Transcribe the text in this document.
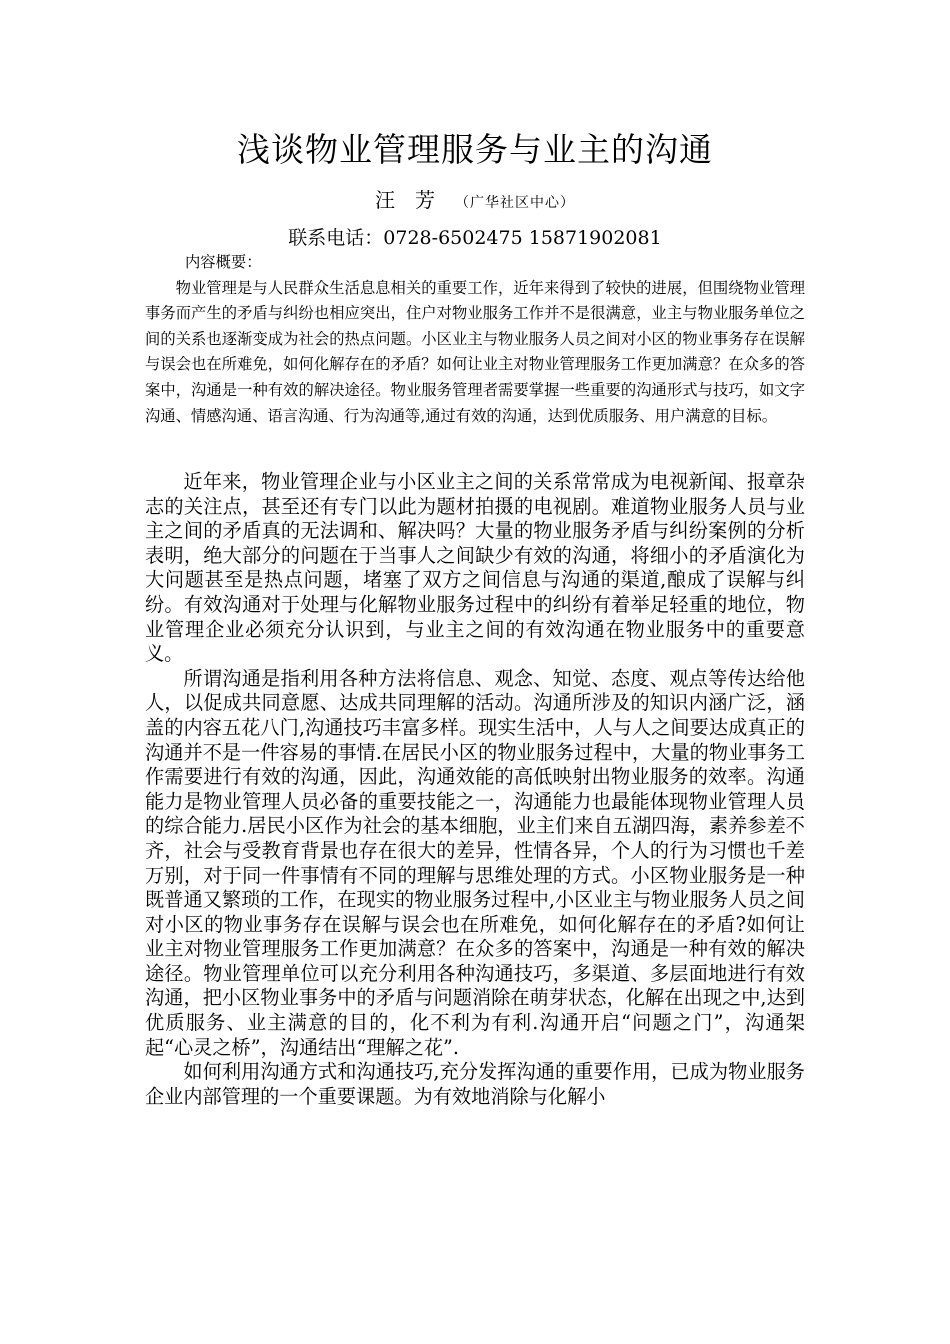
浅谈物业管理服务与业主的沟通
汪芳（广华社区中心）
联系电话：0728-6502475 15871902081
内容概要：

物业管理是与人民群众生活息息相关的重要工作，近年来得到了较快的进展，但围绕物业管理事务而产生的矛盾与纠纷也相应突出，住户对物业服务工作并不是很满意，业主与物业服务单位之间的关系也逐渐变成为社会的热点问题。小区业主与物业服务人员之间对小区的物业事务存在误解与误会也在所难免，如何化解存在的矛盾？如何让业主对物业管理服务工作更加满意？在众多的答案中，沟通是一种有效的解决途径。物业服务管理者需要掌握一些重要的沟通形式与技巧，如文字沟通、情感沟通、语言沟通、行为沟通等,通过有效的沟通，达到优质服务、用户满意的目标。

近年来，物业管理企业与小区业主之间的关系常常成为电视新闻、报章杂志的关注点，甚至还有专门以此为题材拍摄的电视剧。难道物业服务人员与业主之间的矛盾真的无法调和、解决吗？大量的物业服务矛盾与纠纷案例的分析表明，绝大部分的问题在于当事人之间缺少有效的沟通，将细小的矛盾演化为大问题甚至是热点问题，堵塞了双方之间信息与沟通的渠道,酿成了误解与纠纷。有效沟通对于处理与化解物业服务过程中的纠纷有着举足轻重的地位，物业管理企业必须充分认识到，与业主之间的有效沟通在物业服务中的重要意义。

所谓沟通是指利用各种方法将信息、观念、知觉、态度、观点等传达给他人，以促成共同意愿、达成共同理解的活动。沟通所涉及的知识内涵广泛，涵盖的内容五花八门,沟通技巧丰富多样。现实生活中，人与人之间要达成真正的沟通并不是一件容易的事情.在居民小区的物业服务过程中，大量的物业事务工作需要进行有效的沟通，因此，沟通效能的高低映射出物业服务的效率。沟通能力是物业管理人员必备的重要技能之一，沟通能力也最能体现物业管理人员的综合能力.居民小区作为社会的基本细胞，业主们来自五湖四海，素养参差不齐，社会与受教育背景也存在很大的差异，性情各异，个人的行为习惯也千差万别，对于同一件事情有不同的理解与思维处理的方式。小区物业服务是一种既普通又繁琐的工作，在现实的物业服务过程中,小区业主与物业服务人员之间对小区的物业事务存在误解与误会也在所难免，如何化解存在的矛盾?如何让业主对物业管理服务工作更加满意？在众多的答案中，沟通是一种有效的解决途径。物业管理单位可以充分利用各种沟通技巧，多渠道、多层面地进行有效沟通，把小区物业事务中的矛盾与问题消除在萌芽状态，化解在出现之中,达到优质服务、业主满意的目的，化不利为有利.沟通开启“问题之门”，沟通架起“心灵之桥”，沟通结出“理解之花”.

如何利用沟通方式和沟通技巧,充分发挥沟通的重要作用，已成为物业服务企业内部管理的一个重要课题。为有效地消除与化解小
